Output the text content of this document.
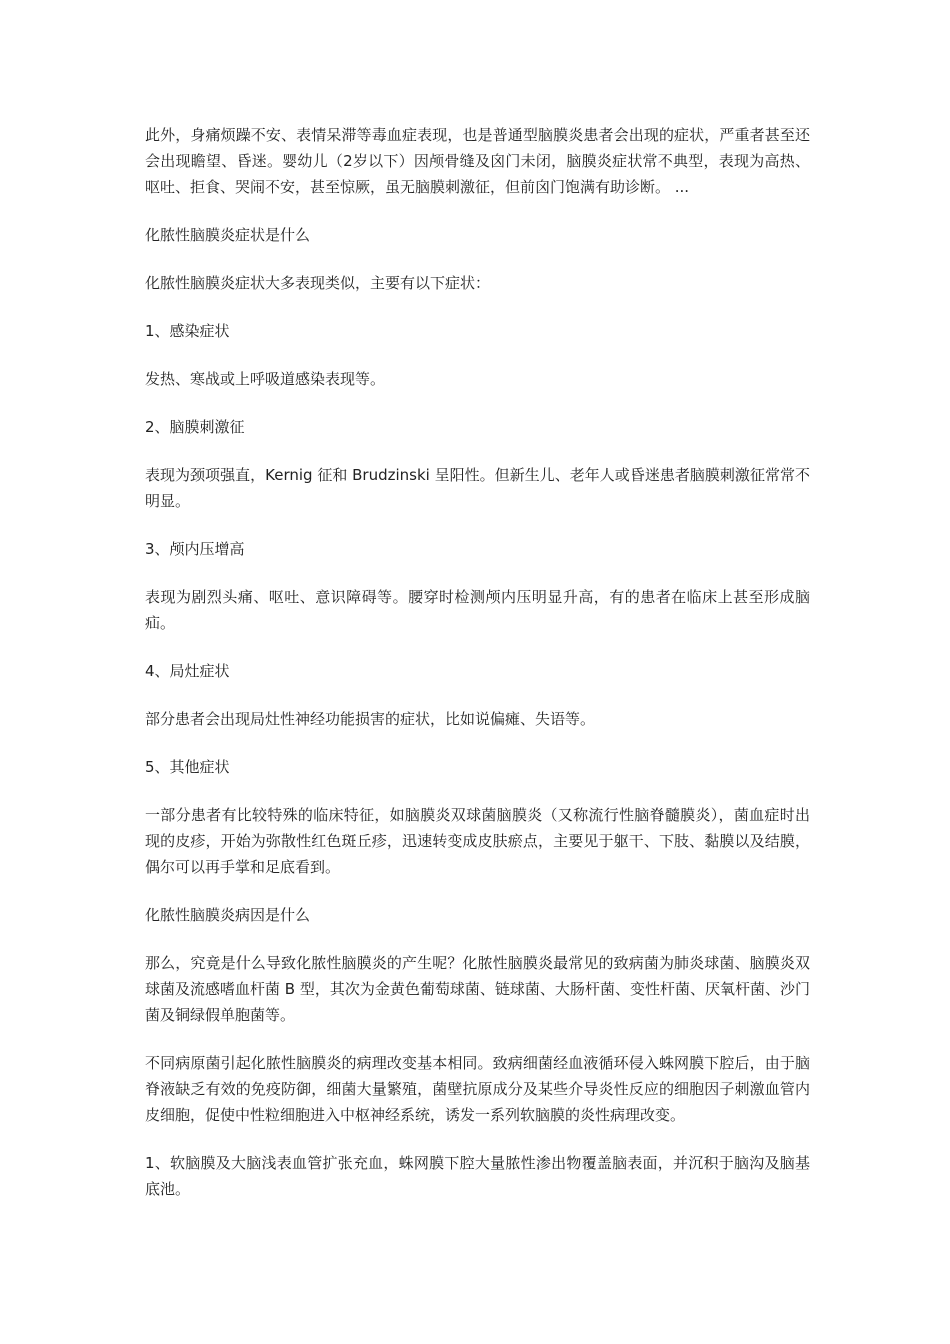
此外，身痛烦躁不安、表情呆滞等毒血症表现，也是普通型脑膜炎患者会出现的症状，严重者甚至还会出现瞻望、昏迷。婴幼儿（2岁以下）因颅骨缝及囟门未闭，脑膜炎症状常不典型，表现为高热、呕吐、拒食、哭闹不安，甚至惊厥，虽无脑膜刺激征，但前囟门饱满有助诊断。 ...

化脓性脑膜炎症状是什么

化脓性脑膜炎症状大多表现类似，主要有以下症状：

1、感染症状

发热、寒战或上呼吸道感染表现等。

2、脑膜刺激征

表现为颈项强直，Kernig 征和 Brudzinski 呈阳性。但新生儿、老年人或昏迷患者脑膜刺激征常常不明显。

3、颅内压增高

表现为剧烈头痛、呕吐、意识障碍等。腰穿时检测颅内压明显升高，有的患者在临床上甚至形成脑疝。

4、局灶症状

部分患者会出现局灶性神经功能损害的症状，比如说偏瘫、失语等。

5、其他症状

一部分患者有比较特殊的临床特征，如脑膜炎双球菌脑膜炎（又称流行性脑脊髓膜炎），菌血症时出现的皮疹，开始为弥散性红色斑丘疹，迅速转变成皮肤瘀点，主要见于躯干、下肢、黏膜以及结膜，偶尔可以再手掌和足底看到。

化脓性脑膜炎病因是什么

那么，究竟是什么导致化脓性脑膜炎的产生呢？化脓性脑膜炎最常见的致病菌为肺炎球菌、脑膜炎双球菌及流感嗜血杆菌 B 型，其次为金黄色葡萄球菌、链球菌、大肠杆菌、变性杆菌、厌氧杆菌、沙门菌及铜绿假单胞菌等。

不同病原菌引起化脓性脑膜炎的病理改变基本相同。致病细菌经血液循环侵入蛛网膜下腔后，由于脑脊液缺乏有效的免疫防御，细菌大量繁殖，菌壁抗原成分及某些介导炎性反应的细胞因子刺激血管内皮细胞，促使中性粒细胞进入中枢神经系统，诱发一系列软脑膜的炎性病理改变。

1、软脑膜及大脑浅表血管扩张充血，蛛网膜下腔大量脓性渗出物覆盖脑表面，并沉积于脑沟及脑基底池。
